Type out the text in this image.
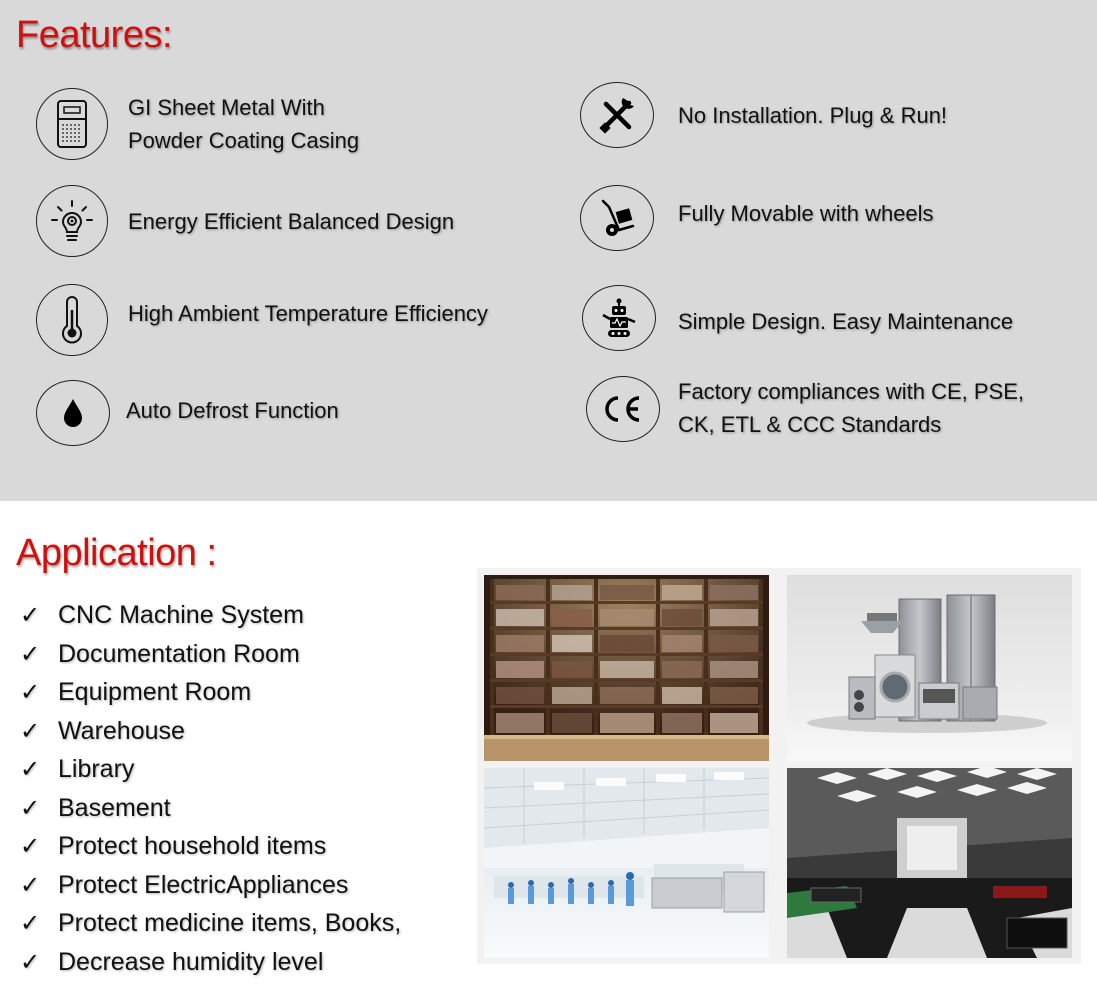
Features:
GI Sheet Metal With
Powder Coating Casing
Energy Efficient Balanced Design
High Ambient Temperature Efficiency
Auto Defrost Function
No Installation. Plug & Run!
Fully Movable with wheels
Simple Design. Easy Maintenance
Factory compliances with CE, PSE,
CK, ETL & CCC Standards
Application :
✓ CNC Machine System
✓ Documentation Room
✓ Equipment Room
✓ Warehouse
✓ Library
✓ Basement
✓ Protect household items
✓ Protect ElectricAppliances
✓ Protect medicine items, Books,
✓ Decrease humidity level
